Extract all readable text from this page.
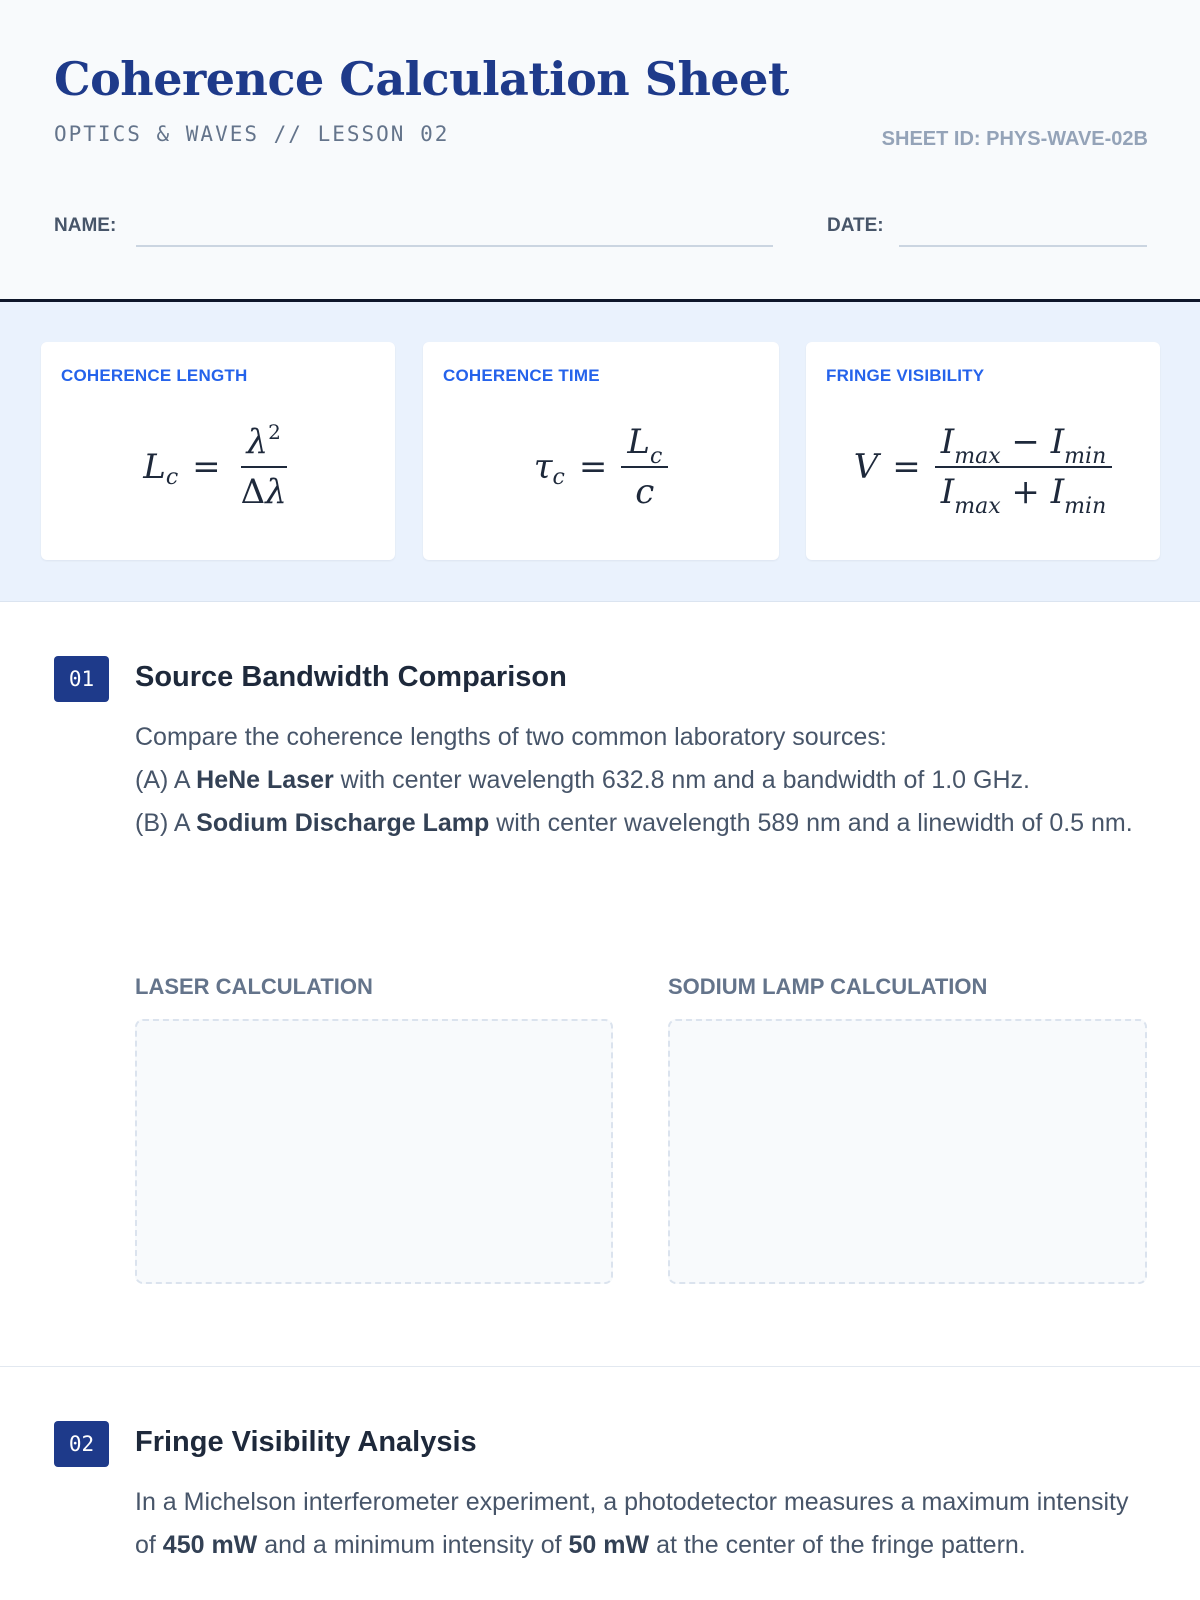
Coherence Calculation Sheet
OPTICS & WAVES // LESSON 02	SHEET ID: PHYS-WAVE-02B
NAME:	DATE:
COHERENCE LENGTH
L $c = \frac{\lambda^2}{\Delta\lambda}$
COHERENCE TIME
τ $c = \frac{L_c}{c}$
FRINGE VISIBILITY
$V = \frac{I_{max} - I_{min}}{I_{max} + I_{min}}$
01	Source Bandwidth Comparison

Compare the coherence lengths of two common laboratory sources:

(A) A HeNe Laser with center wavelength 632.8 nm and a bandwidth of 1.0 GHz.

(B) A Sodium Discharge Lamp with center wavelength 589 nm and a linewidth of 0.5 nm.

LASER CALCULATION	SODIUM LAMP CALCULATION
02	Fringe Visibility Analysis

In a Michelson interferometer experiment, a photodetector measures a maximum intensity of 450 mW and a minimum intensity of 50 mW at the center of the fringe pattern.
